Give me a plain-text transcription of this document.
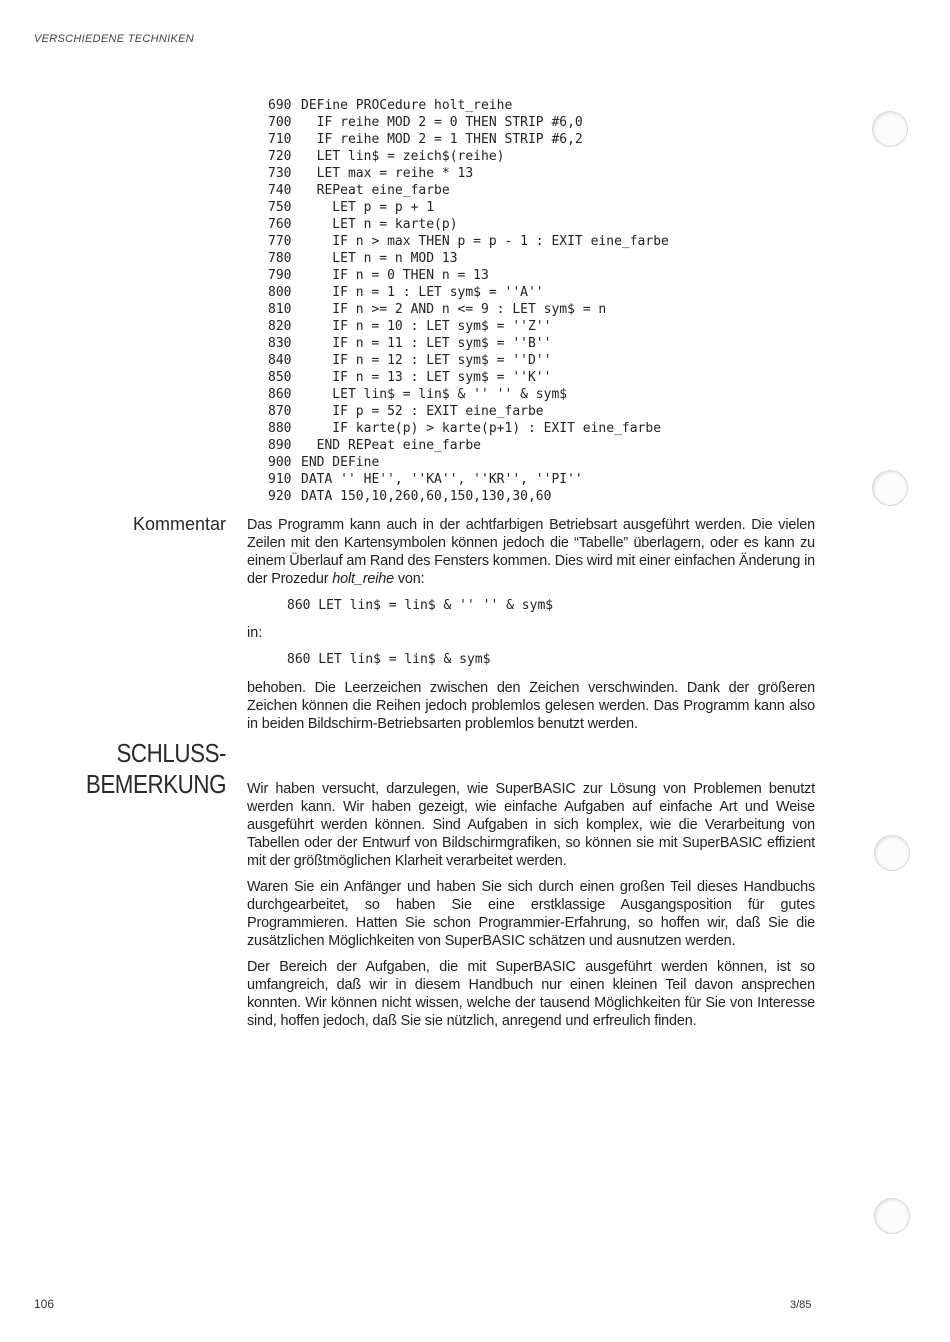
VERSCHIEDENE TECHNIKEN
690 DEFine PROCedure holt_reihe
700  IF reihe MOD 2 = 0 THEN STRIP #6,0
710  IF reihe MOD 2 = 1 THEN STRIP #6,2
720  LET lin$ = zeich$(reihe)
730  LET max = reihe * 13
740  REPeat eine_farbe
750    LET p = p + 1
760    LET n = karte(p)
770    IF n > max THEN p = p - 1 : EXIT eine_farbe
780    LET n = n MOD 13
790    IF n = 0 THEN n = 13
800    IF n = 1 : LET sym$ = ''A''
810    IF n >= 2 AND n <= 9 : LET sym$ = n
820    IF n = 10 : LET sym$ = ''Z''
830    IF n = 11 : LET sym$ = ''B''
840    IF n = 12 : LET sym$ = ''D''
850    IF n = 13 : LET sym$ = ''K''
860    LET lin$ = lin$ & '' '' & sym$
870    IF p = 52 : EXIT eine_farbe
880    IF karte(p) > karte(p+1) : EXIT eine_farbe
890  END REPeat eine_farbe
900 END DEFine
910 DATA '' HE'', ''KA'', ''KR'', ''PI''
920 DATA 150,10,260,60,150,130,30,60
Kommentar Das Programm kann auch in der achtfarbigen Betriebsart ausgeführt werden. Die vielen Zeilen mit den Kartensymbolen können jedoch die “Tabelle” überlagern, oder es kann zu einem Überlauf am Rand des Fensters kommen. Dies wird mit einer einfachen Änderung in der Prozedur holt_reihe von:

860 LET lin$ = lin$ & '' '' & sym$
in:
860 LET lin$ = lin$ & sym$

behoben. Die Leerzeichen zwischen den Zeichen verschwinden. Dank der größeren Zeichen können die Reihen jedoch problemlos gelesen werden. Das Programm kann also in beiden Bildschirm-Betriebsarten problemlos benutzt werden.

SCHLUSS-
BEMERKUNG Wir haben versucht, darzulegen, wie SuperBASIC zur Lösung von Problemen benutzt werden kann. Wir haben gezeigt, wie einfache Aufgaben auf einfache Art und Weise ausgeführt werden können. Sind Aufgaben in sich komplex, wie die Verarbeitung von Tabellen oder der Entwurf von Bildschirmgrafiken, so können sie mit SuperBASIC effizient mit der größtmöglichen Klarheit verarbeitet werden.

Waren Sie ein Anfänger und haben Sie sich durch einen großen Teil dieses Handbuchs durchgearbeitet, so haben Sie eine erstklassige Ausgangsposition für gutes Programmieren. Hatten Sie schon Programmier-Erfahrung, so hoffen wir, daß Sie die zusätzlichen Möglichkeiten von SuperBASIC schätzen und ausnutzen werden.

Der Bereich der Aufgaben, die mit SuperBASIC ausgeführt werden können, ist so umfangreich, daß wir in diesem Handbuch nur einen kleinen Teil davon ansprechen konnten. Wir können nicht wissen, welche der tausend Möglichkeiten für Sie von Interesse sind, hoffen jedoch, daß Sie sie nützlich, anregend und erfreulich finden.

106	3/85
